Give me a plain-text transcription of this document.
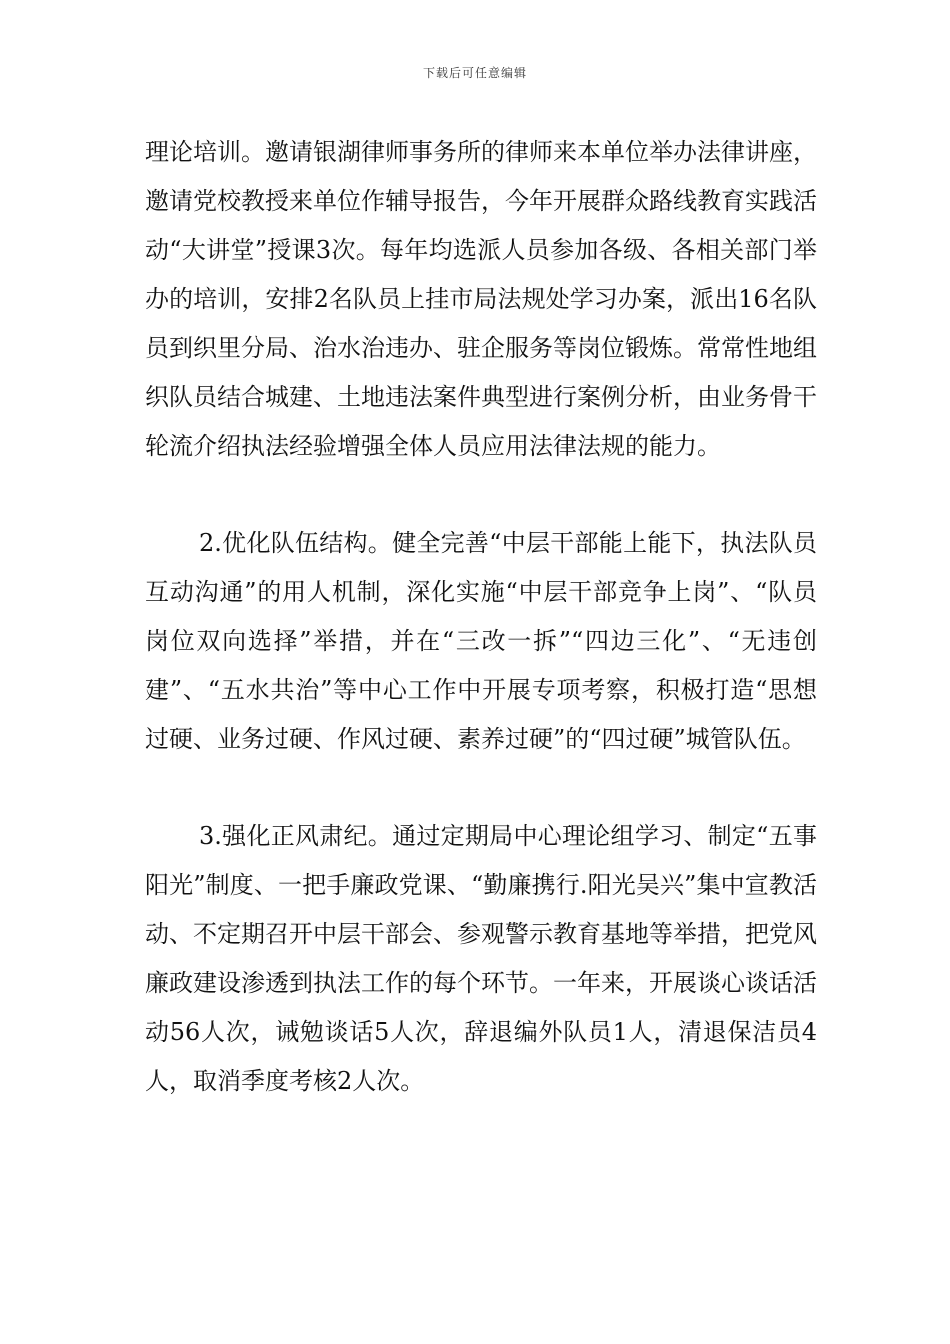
下载后可任意编辑

理论培训。邀请银湖律师事务所的律师来本单位举办法律讲座，邀请党校教授来单位作辅导报告，今年开展群众路线教育实践活动“大讲堂”授课3次。每年均选派人员参加各级、各相关部门举办的培训，安排2名队员上挂市局法规处学习办案，派出16名队员到织里分局、治水治违办、驻企服务等岗位锻炼。常常性地组织队员结合城建、土地违法案件典型进行案例分析，由业务骨干轮流介绍执法经验增强全体人员应用法律法规的能力。

2.优化队伍结构。健全完善“中层干部能上能下，执法队员互动沟通”的用人机制，深化实施“中层干部竞争上岗”、“队员岗位双向选择”举措，并在“三改一拆”“四边三化”、“无违创建”、“五水共治”等中心工作中开展专项考察，积极打造“思想过硬、业务过硬、作风过硬、素养过硬”的“四过硬”城管队伍。

3.强化正风肃纪。通过定期局中心理论组学习、制定“五事阳光”制度、一把手廉政党课、“勤廉携行.阳光吴兴”集中宣教活动、不定期召开中层干部会、参观警示教育基地等举措，把党风廉政建设渗透到执法工作的每个环节。一年来，开展谈心谈话活动56人次，诫勉谈话5人次，辞退编外队员1人，清退保洁员4人，取消季度考核2人次。
